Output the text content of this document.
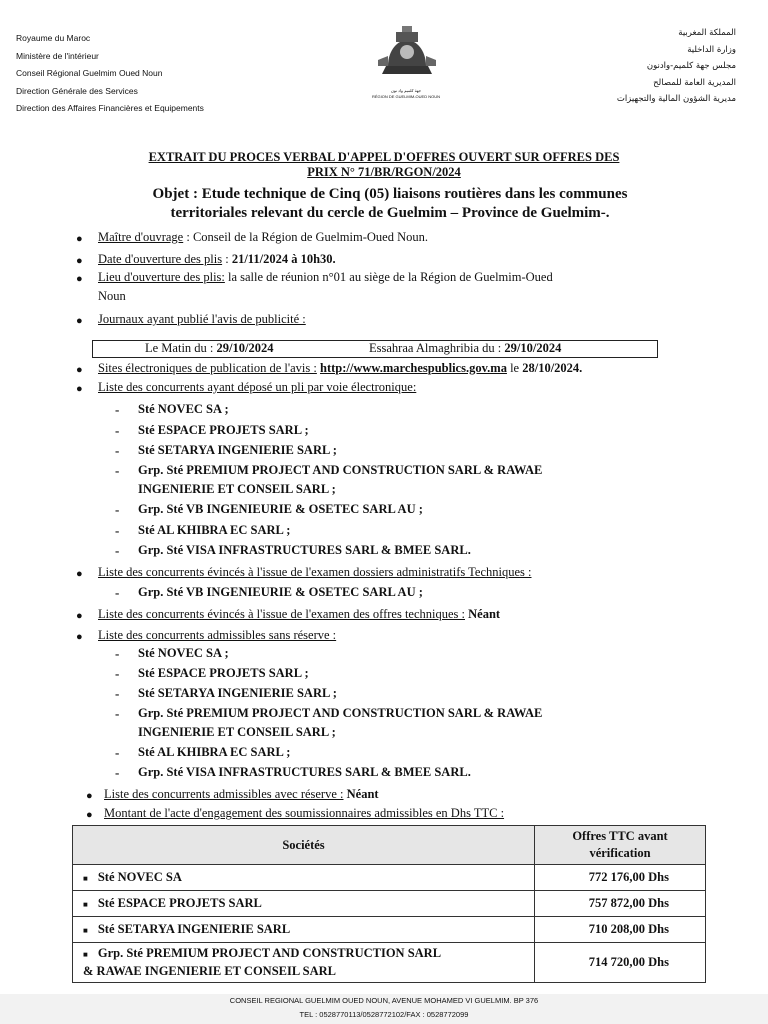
Royaume du Maroc
Ministère de l'intérieur
Conseil Régional Guelmim Oued Noun
Direction Générale des Services
Direction des Affaires Financières et Equipements
جهة كلميم واد نون
RÉGION DE GUELMIM-OUED NOUN
المملكة المغربية
وزارة الداخلية
مجلس جهة كلميم-وادنون
المديرية العامة للمصالح
مديرية الشؤون المالية والتجهيزات
EXTRAIT DU PROCES VERBAL D'APPEL D'OFFRES OUVERT SUR OFFRES DES
PRIX N° 71/BR/RGON/2024
Objet : Etude technique de Cinq (05) liaisons routières dans les communes
territoriales relevant du cercle de Guelmim – Province de Guelmim-.
● Maître d'ouvrage : Conseil de la Région de Guelmim-Oued Noun.
● Date d'ouverture des plis : 21/11/2024 à 10h30.
● Lieu d'ouverture des plis: la salle de réunion n°01 au siège de la Région de Guelmim-Oued
Noun
● Journaux ayant publié l'avis de publicité :
Le Matin du : 29/10/2024	Essahraa Almaghribia du : 29/10/2024
● Sites électroniques de publication de l'avis : http://www.marchespublics.gov.ma le 28/10/2024.
● Liste des concurrents ayant déposé un pli par voie électronique:
- Sté NOVEC SA ;
- Sté ESPACE PROJETS SARL ;
- Sté SETARYA INGENIERIE SARL ;
- Grp. Sté PREMIUM PROJECT AND CONSTRUCTION SARL & RAWAE
INGENIERIE ET CONSEIL SARL ;
- Grp. Sté VB INGENIEURIE & OSETEC SARL AU ;
- Sté AL KHIBRA EC SARL ;
- Grp. Sté VISA INFRASTRUCTURES SARL & BMEE SARL.
● Liste des concurrents évincés à l'issue de l'examen dossiers administratifs Techniques :
- Grp. Sté VB INGENIEURIE & OSETEC SARL AU ;
● Liste des concurrents évincés à l'issue de l'examen des offres techniques : Néant
● Liste des concurrents admissibles sans réserve :
- Sté NOVEC SA ;
- Sté ESPACE PROJETS SARL ;
- Sté SETARYA INGENIERIE SARL ;
- Grp. Sté PREMIUM PROJECT AND CONSTRUCTION SARL & RAWAE
INGENIERIE ET CONSEIL SARL ;
- Sté AL KHIBRA EC SARL ;
- Grp. Sté VISA INFRASTRUCTURES SARL & BMEE SARL.
● Liste des concurrents admissibles avec réserve : Néant
● Montant de l'acte d'engagement des soumissionnaires admissibles en Dhs TTC :
Sociétés	Offres TTC avant
vérification

■ Sté NOVEC SA	772 176,00 Dhs
■ Sté ESPACE PROJETS SARL	757 872,00 Dhs
■ Sté SETARYA INGENIERIE SARL	710 208,00 Dhs

■ Grp. Sté PREMIUM PROJECT AND CONSTRUCTION SARL
& RAWAE INGENIERIE ET CONSEIL SARL	714 720,00 Dhs
CONSEIL REGIONAL GUELMIM OUED NOUN, AVENUE MOHAMED VI GUELMIM. BP 376
TEL : 0528770113/0528772102/FAX : 0528772099
